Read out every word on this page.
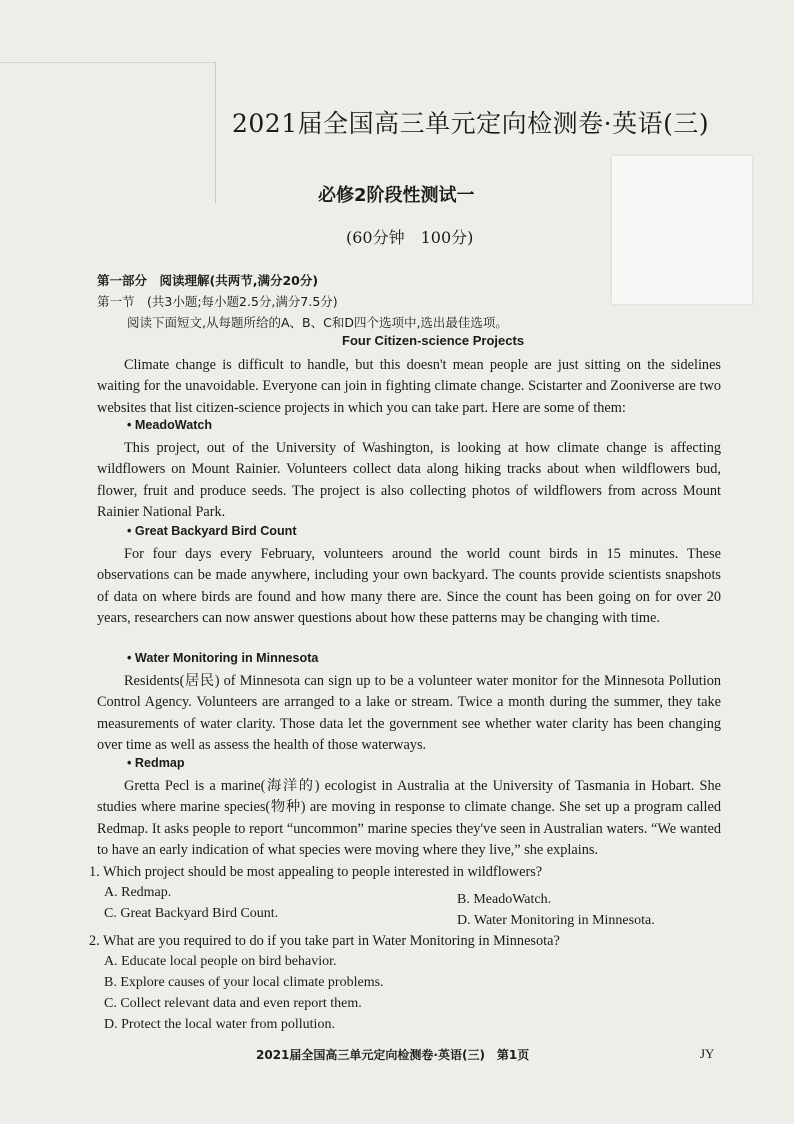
2021届全国高三单元定向检测卷·英语(三)
必修2阶段性测试一
(60分钟　100分)
第一部分　阅读理解(共两节,满分20分)
第一节　(共3小题;每小题2.5分,满分7.5分)
阅读下面短文,从每题所给的A、B、C和D四个选项中,选出最佳选项。
Four Citizen-science Projects
Climate change is difficult to handle, but this doesn't mean people are just sitting on the sidelines waiting for the unavoidable. Everyone can join in fighting climate change. Scistarter and Zooniverse are two websites that list citizen-science projects in which you can take part. Here are some of them:
• MeadoWatch
This project, out of the University of Washington, is looking at how climate change is affecting wildflowers on Mount Rainier. Volunteers collect data along hiking tracks about when wildflowers bud, flower, fruit and produce seeds. The project is also collecting photos of wildflowers from across Mount Rainier National Park.
• Great Backyard Bird Count
For four days every February, volunteers around the world count birds in 15 minutes. These observations can be made anywhere, including your own backyard. The counts provide scientists snapshots of data on where birds are found and how many there are. Since the count has been going on for over 20 years, researchers can now answer questions about how these patterns may be changing with time.
• Water Monitoring in Minnesota
Residents(居民) of Minnesota can sign up to be a volunteer water monitor for the Minnesota Pollution Control Agency. Volunteers are arranged to a lake or stream. Twice a month during the summer, they take measurements of water clarity. Those data let the government see whether water clarity has been changing over time as well as assess the health of those waterways.
• Redmap
Gretta Pecl is a marine(海洋的) ecologist in Australia at the University of Tasmania in Hobart. She studies where marine species(物种) are moving in response to climate change. She set up a program called Redmap. It asks people to report “uncommon” marine species they've seen in Australian waters. “We wanted to have an early indication of what species were moving where they live,” she explains.
1. Which project should be most appealing to people interested in wildflowers?
A. Redmap.	B. MeadoWatch.
C. Great Backyard Bird Count.	D. Water Monitoring in Minnesota.
2. What are you required to do if you take part in Water Monitoring in Minnesota?
A. Educate local people on bird behavior.
B. Explore causes of your local climate problems.
C. Collect relevant data and even report them.
D. Protect the local water from pollution.
2021届全国高三单元定向检测卷·英语(三)　第1页	JY
